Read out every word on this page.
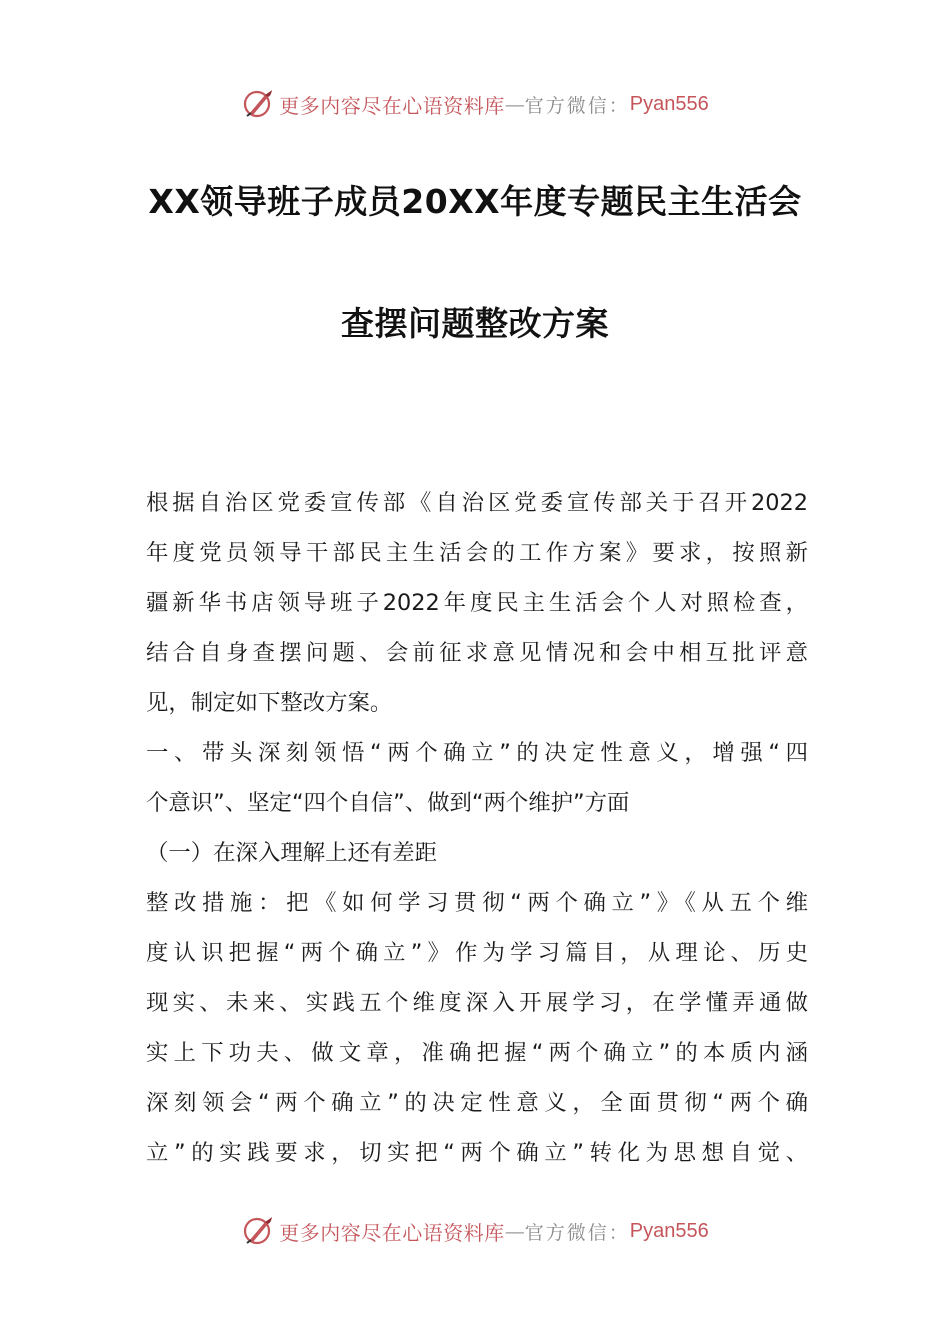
更多内容尽在心语资料库 — 官方微信： Pyan556
XX领导班子成员20XX年度专题民主生活会
查摆问题整改方案
根据自治区党委宣传部《自治区党委宣传部关于召开2022
年度党员领导干部民主生活会的工作方案》要求，按照新
疆新华书店领导班子2022年度民主生活会个人对照检查，
结合自身查摆问题、会前征求意见情况和会中相互批评意
见，制定如下整改方案。
一、带头深刻领悟“两个确立”的决定性意义，增强“四
个意识”、坚定“四个自信”、做到“两个维护”方面
（一）在深入理解上还有差距
整改措施：把《如何学习贯彻“两个确立”》《从五个维
度认识把握“两个确立”》作为学习篇目，从理论、历史
现实、未来、实践五个维度深入开展学习，在学懂弄通做
实上下功夫、做文章，准确把握“两个确立”的本质内涵
深刻领会“两个确立”的决定性意义，全面贯彻“两个确
立”的实践要求，切实把“两个确立”转化为思想自觉、
更多内容尽在心语资料库 — 官方微信： Pyan556
